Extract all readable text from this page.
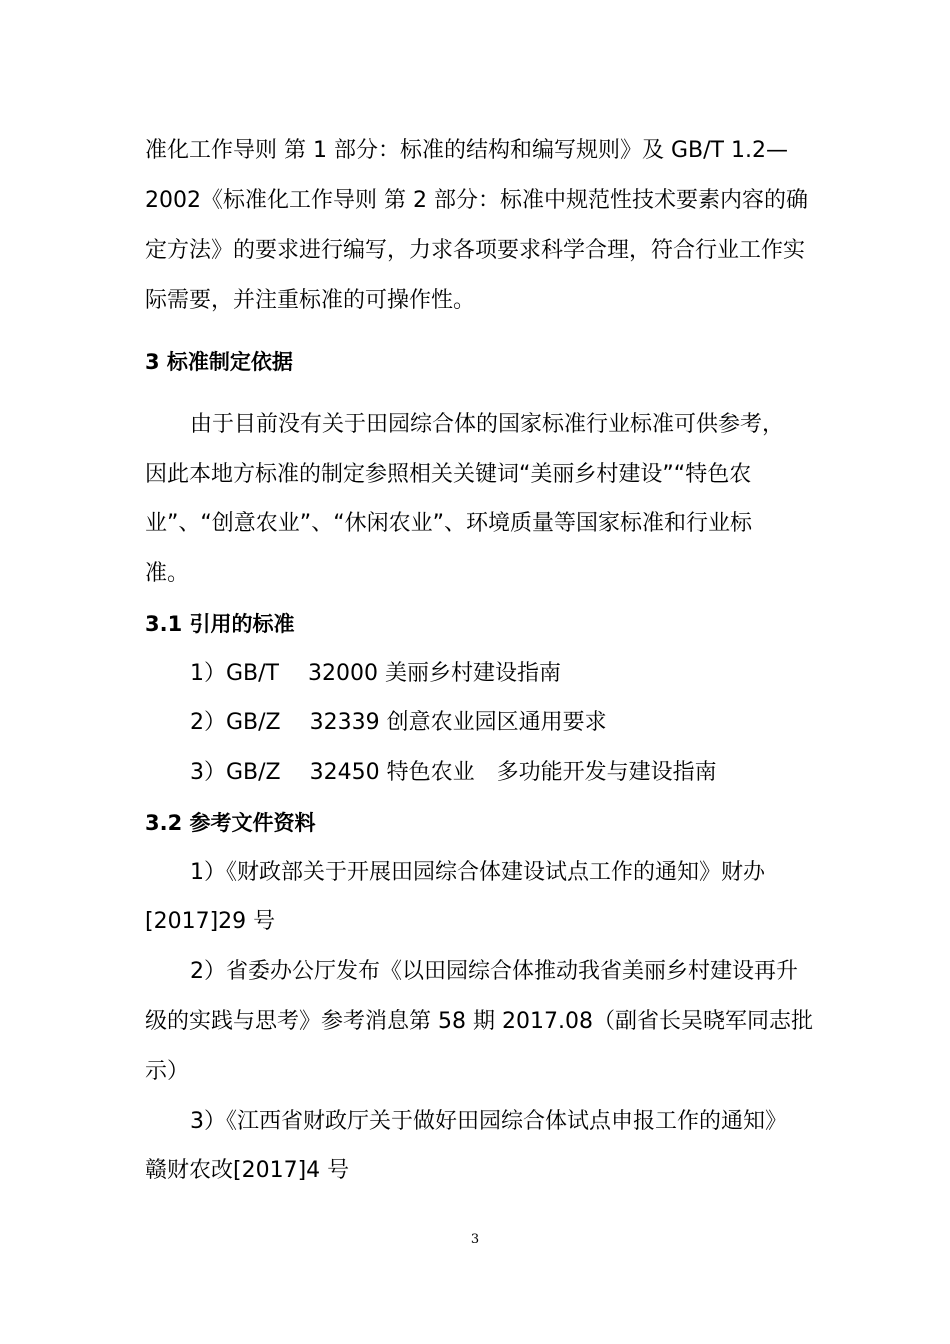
准化工作导则 第 1 部分：标准的结构和编写规则》及 GB/T 1.2—
2002《标准化工作导则 第 2 部分：标准中规范性技术要素内容的确
定方法》的要求进行编写，力求各项要求科学合理，符合行业工作实
际需要，并注重标准的可操作性。
3 标准制定依据
由于目前没有关于田园综合体的国家标准行业标准可供参考，
因此本地方标准的制定参照相关关键词“美丽乡村建设”“特色农
业”、“创意农业”、“休闲农业”、环境质量等国家标准和行业标
准。
3.1 引用的标准
1）GB/T　 32000 美丽乡村建设指南
2）GB/Z　 32339 创意农业园区通用要求
3）GB/Z　 32450 特色农业　多功能开发与建设指南
3.2 参考文件资料
1）《财政部关于开展田园综合体建设试点工作的通知》财办
[2017]29 号
2）省委办公厅发布《以田园综合体推动我省美丽乡村建设再升
级的实践与思考》参考消息第 58 期 2017.08（副省长吴晓军同志批
示）
3）《江西省财政厅关于做好田园综合体试点申报工作的通知》
赣财农改[2017]4 号
3
